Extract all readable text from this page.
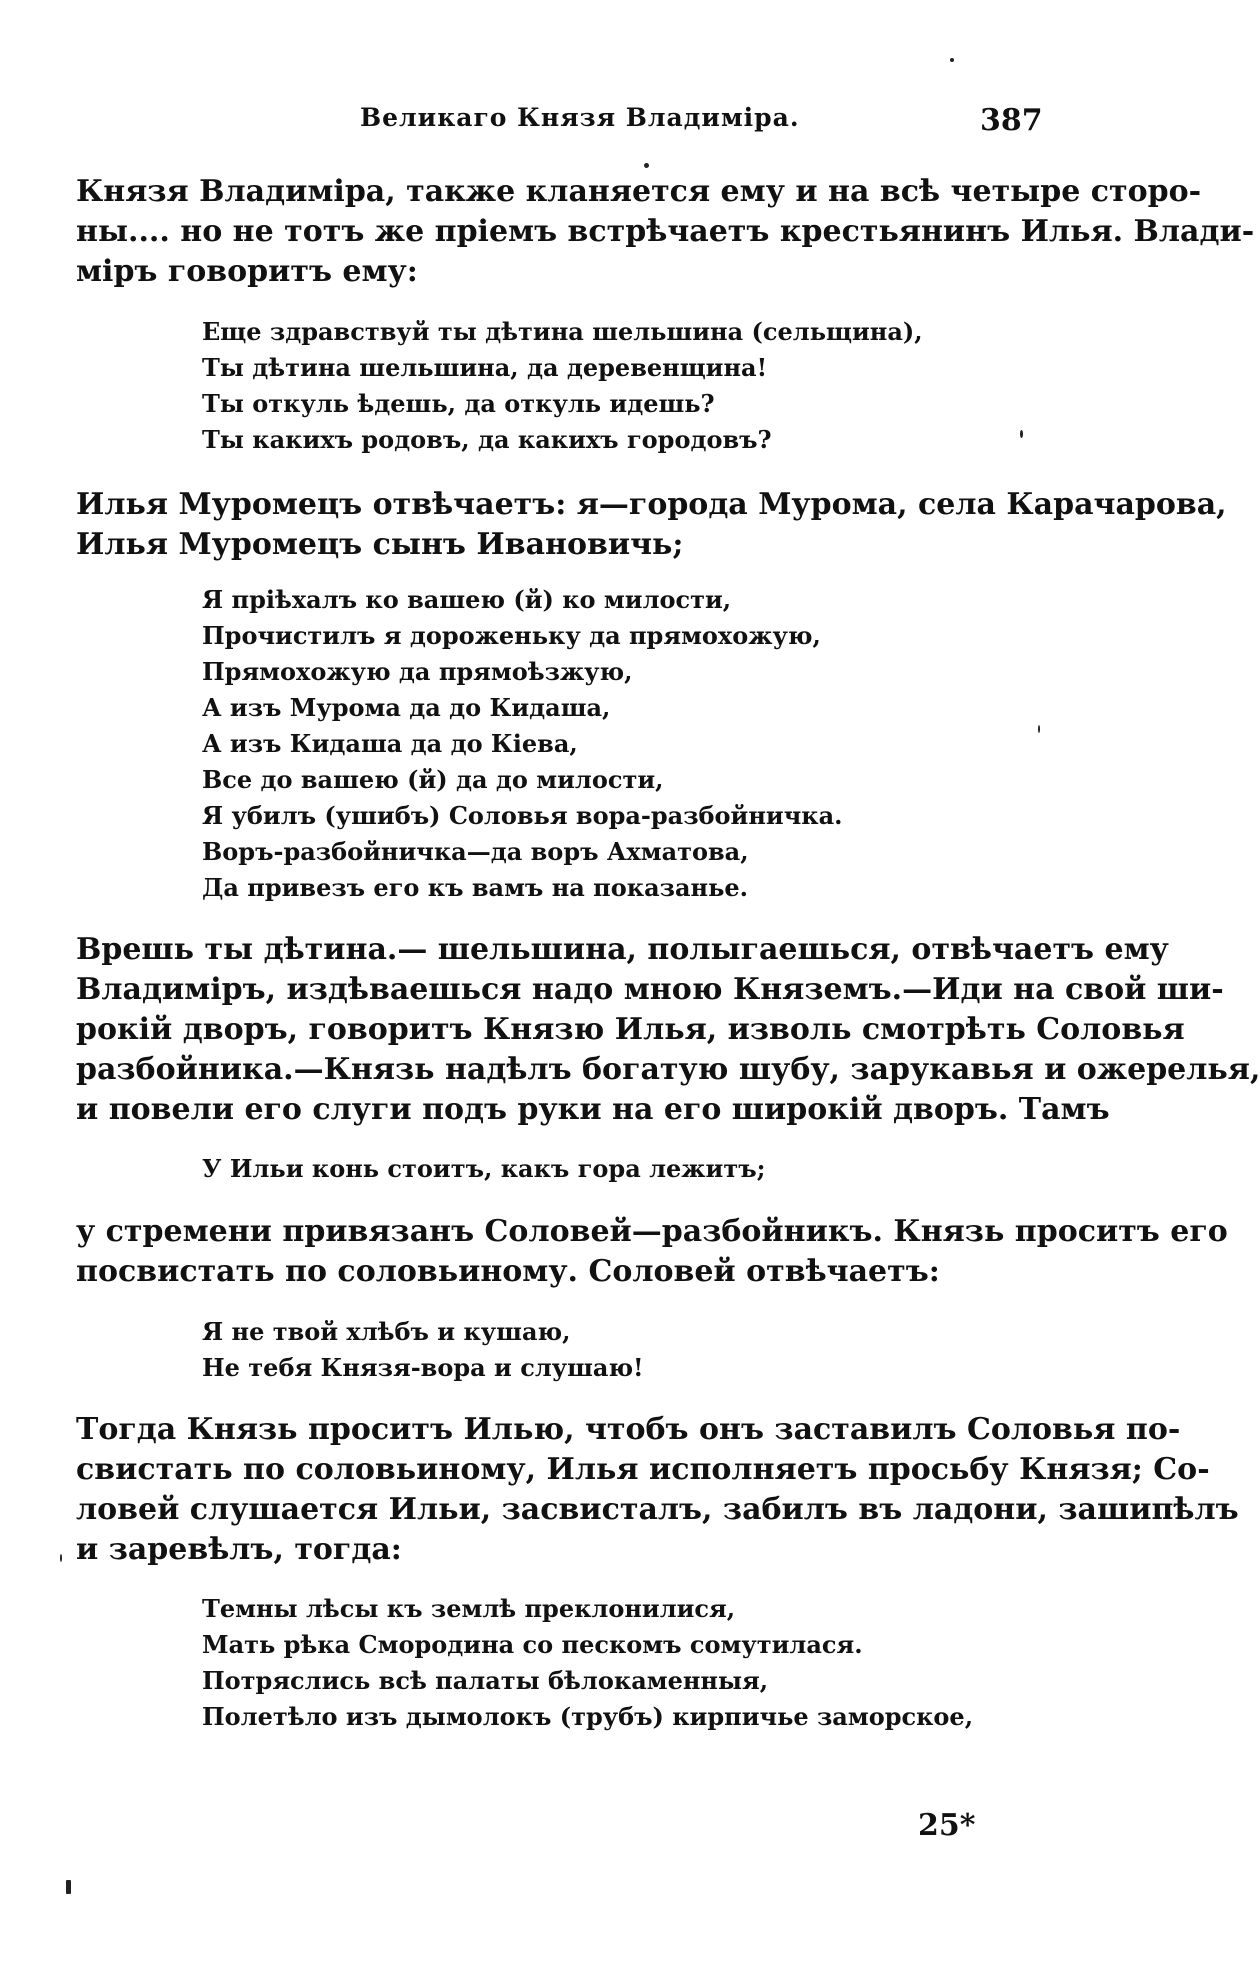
Великаго Князя Владиміра.	387
Князя Владиміра, также кланяется ему и на всѣ четыре сторо-
ны.... но не тотъ же пріемъ встрѣчаетъ крестьянинъ Илья. Влади-
міръ говоритъ ему:
Еще здравствуй ты дѣтина шельшина (сельщина),
Ты дѣтина шельшина, да деревенщина!
Ты откуль ѣдешь, да откуль идешь?
Ты какихъ родовъ, да какихъ городовъ?
Илья Муромецъ отвѣчаетъ: я—города Мурома, села Карачарова,
Илья Муромецъ сынъ Ивановичь;
Я пріѣхалъ ко вашею (й) ко милости,
Прочистилъ я дороженьку да прямохожую,
Прямохожую да прямоѣзжую,
А изъ Мурома да до Кидаша,
А изъ Кидаша да до Кіева,
Все до вашею (й) да до милости,
Я убилъ (ушибъ) Соловья вора-разбойничка.
Воръ-разбойничка—да воръ Ахматова,
Да привезъ его къ вамъ на показанье.
Врешь ты дѣтина.— шельшина, полыгаешься, отвѣчаетъ ему
Владиміръ, издѣваешься надо мною Княземъ.—Иди на свой ши-
рокій дворъ, говоритъ Князю Илья, изволь смотрѣть Соловья
разбойника.—Князь надѣлъ богатую шубу, зарукавья и ожерелья,
и повели его слуги подъ руки на его широкій дворъ. Тамъ
У Ильи конь стоитъ, какъ гора лежитъ;
у стремени привязанъ Соловей—разбойникъ. Князь проситъ его
посвистать по соловьиному. Соловей отвѣчаетъ:
Я не твой хлѣбъ и кушаю,
Не тебя Князя-вора и слушаю!
Тогда Князь проситъ Илью, чтобъ онъ заставилъ Соловья по-
свистать по соловьиному, Илья исполняетъ просьбу Князя; Со-
ловей слушается Ильи, засвисталъ, забилъ въ ладони, зашипѣлъ
и заревѣлъ, тогда:
Темны лѣсы къ землѣ преклонилися,
Мать рѣка Смородина со пескомъ сомутилася.
Потряслись всѣ палаты бѣлокаменныя,
Полетѣло изъ дымолокъ (трубъ) кирпичье заморское,
25*
